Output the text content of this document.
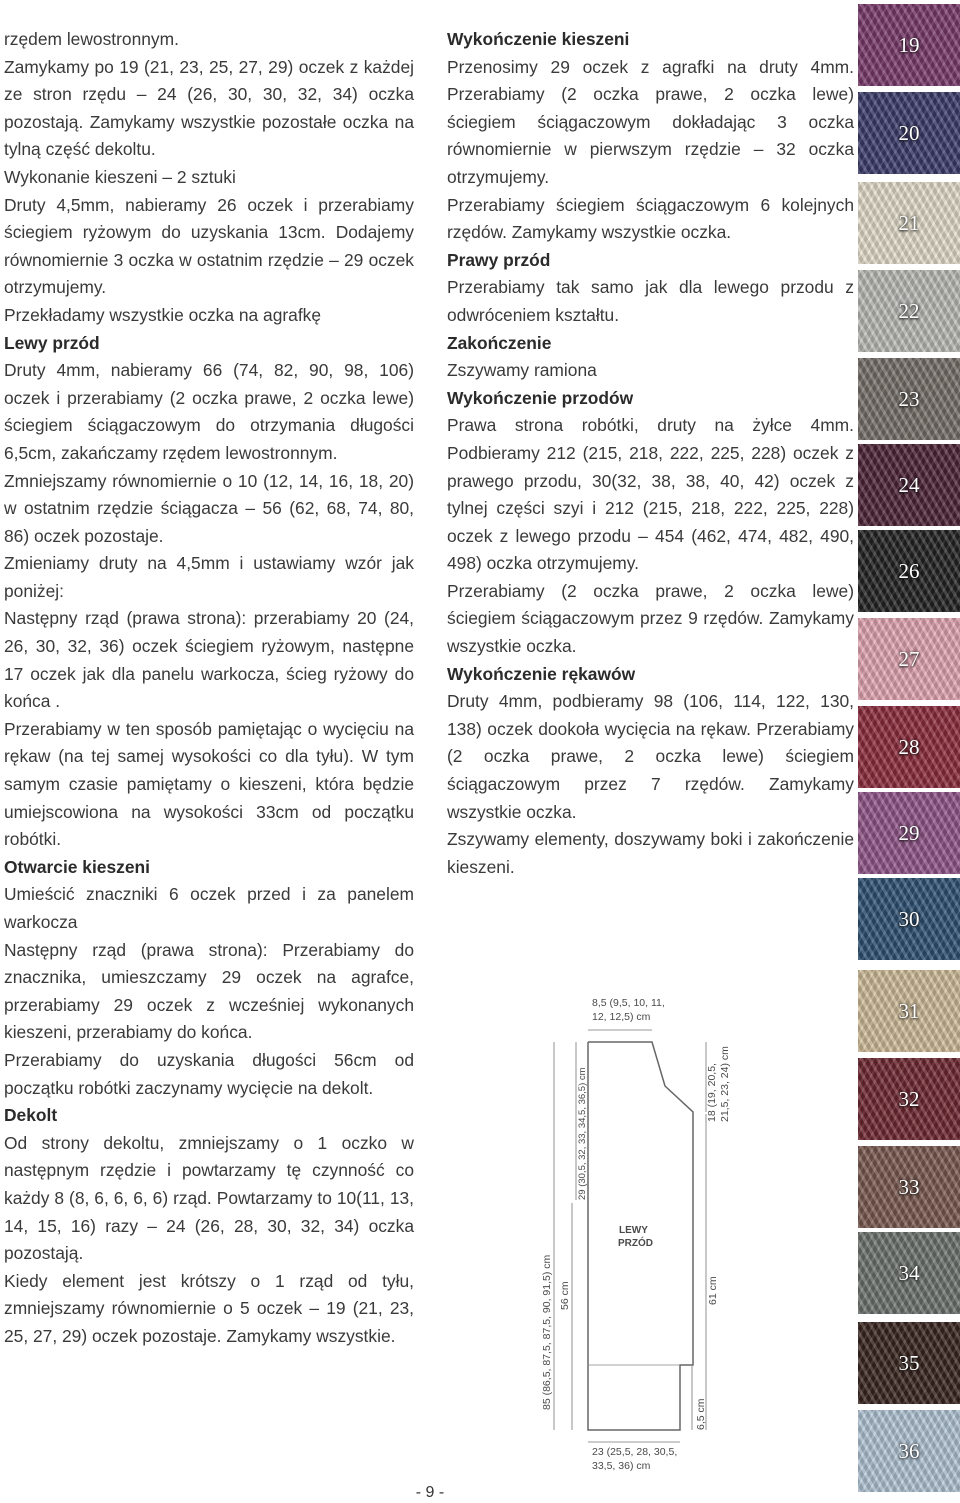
rzędem lewostronnym.

Zamykamy po 19 (21, 23, 25, 27, 29) oczek z każdej ze stron rzędu – 24 (26, 30, 30, 32, 34) oczka pozostają. Zamykamy wszystkie pozostałe oczka na tylną część dekoltu.

Wykonanie kieszeni – 2 sztuki

Druty 4,5mm, nabieramy 26 oczek i przerabiamy ściegiem ryżowym do uzyskania 13cm. Dodajemy równomiernie 3 oczka w ostatnim rzędzie – 29 oczek otrzymujemy.

Przekładamy wszystkie oczka na agrafkę

Lewy przód

Druty 4mm, nabieramy 66 (74, 82, 90, 98, 106) oczek i przerabiamy (2 oczka prawe, 2 oczka lewe) ściegiem ściągaczowym do otrzymania długości 6,5cm, zakańczamy rzędem lewostronnym.

Zmniejszamy równomiernie o 10 (12, 14, 16, 18, 20) w ostatnim rzędzie ściągacza – 56 (62, 68, 74, 80, 86) oczek pozostaje.

Zmieniamy druty na 4,5mm i ustawiamy wzór jak poniżej:

Następny rząd (prawa strona): przerabiamy 20 (24, 26, 30, 32, 36) oczek ściegiem ryżowym, następne 17 oczek jak dla panelu warkocza, ścieg ryżowy do końca .

Przerabiamy w ten sposób pamiętając o wycięciu na rękaw (na tej samej wysokości co dla tyłu). W tym samym czasie pamiętamy o kieszeni, która będzie umiejscowiona na wysokości 33cm od początku robótki.

Otwarcie kieszeni

Umieścić znaczniki 6 oczek przed i za panelem warkocza

Następny rząd (prawa strona): Przerabiamy do znacznika, umieszczamy 29 oczek na agrafce, przerabiamy 29 oczek z wcześniej wykonanych kieszeni, przerabiamy do końca.

Przerabiamy do uzyskania długości 56cm od początku robótki zaczynamy wycięcie na dekolt.

Dekolt

Od strony dekoltu, zmniejszamy o 1 oczko w następnym rzędzie i powtarzamy tę czynność co każdy 8 (8, 6, 6, 6, 6) rząd. Powtarzamy to 10(11, 13, 14, 15, 16) razy – 24 (26, 28, 30, 32, 34) oczka pozostają.

Kiedy element jest krótszy o 1 rząd od tyłu, zmniejszamy równomiernie o 5 oczek – 19 (21, 23, 25, 27, 29) oczek pozostaje. Zamykamy wszystkie.

Wykończenie kieszeni

Przenosimy 29 oczek z agrafki na druty 4mm. Przerabiamy (2 oczka prawe, 2 oczka lewe) ściegiem ściągaczowym dokładając 3 oczka równomiernie w pierwszym rzędzie – 32 oczka otrzymujemy.

Przerabiamy ściegiem ściągaczowym 6 kolejnych rzędów. Zamykamy wszystkie oczka.

Prawy przód

Przerabiamy tak samo jak dla lewego przodu z odwróceniem kształtu.

Zakończenie

Zszywamy ramiona

Wykończenie przodów

Prawa strona robótki, druty na żyłce 4mm. Podbieramy 212 (215, 218, 222, 225, 228) oczek z prawego przodu, 30(32, 38, 38, 40, 42) oczek z tylnej części szyi i 212 (215, 218, 222, 225, 228) oczek z lewego przodu – 454 (462, 474, 482, 490, 498) oczka otrzymujemy.

Przerabiamy (2 oczka prawe, 2 oczka lewe) ściegiem ściągaczowym przez 9 rzędów. Zamykamy wszystkie oczka.

Wykończenie rękawów

Druty 4mm, podbieramy 98 (106, 114, 122, 130, 138) oczek dookoła wycięcia na rękaw. Przerabiamy (2 oczka prawe, 2 oczka lewe) ściegiem ściągaczowym przez 7 rzędów. Zamykamy wszystkie oczka.

Zszywamy elementy, doszywamy boki i zakończenie kieszeni.

8,5 (9,5, 10, 11,
12, 12,5) cm
85 (86,5, 87,5, 87,5, 90, 91,5) cm 56 cm
29 (30,5, 32, 33, 34,5, 36,5) cm	18 (19, 20,5, 21,5, 23, 24) cm
61 cm
6,5 cm
LEWY
PRZÓD
23 (25,5, 28, 30,5,
33,5, 36) cm
19
20
21
22
23
24
26
27
28
29
30
31
32
33
34
35
36
- 9 -
